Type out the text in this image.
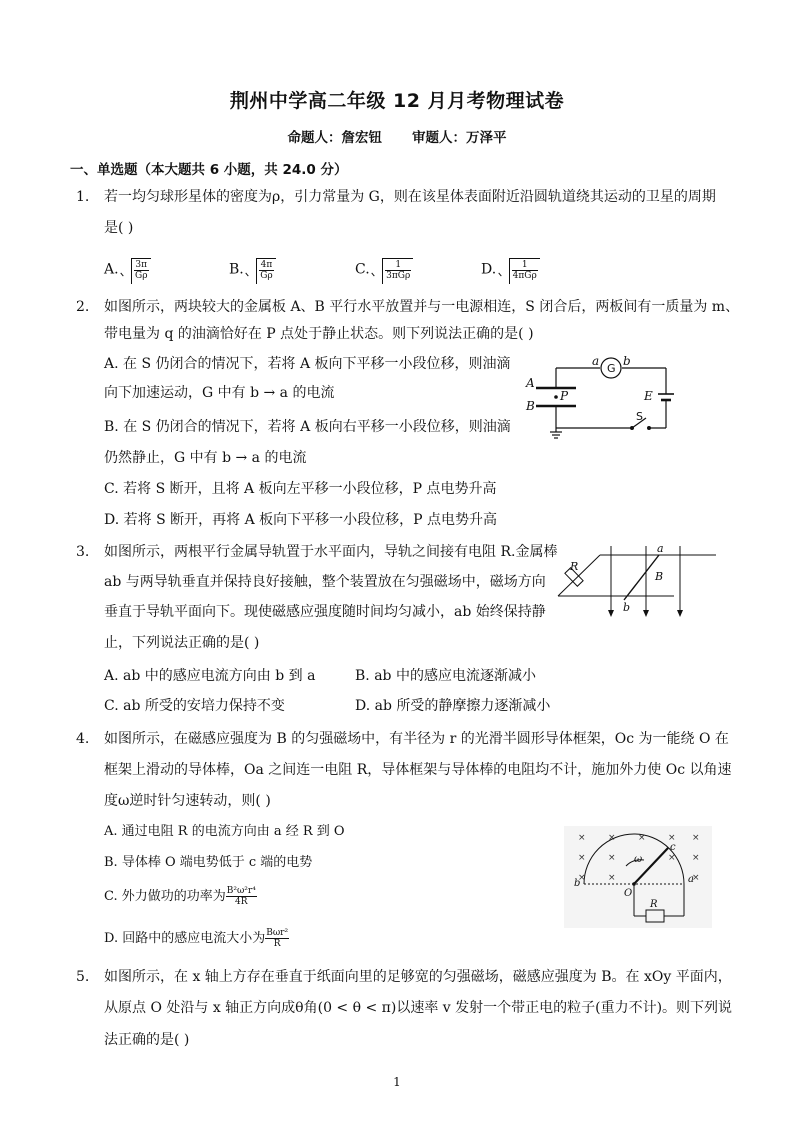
荆州中学高二年级 12 月月考物理试卷
命题人：詹宏钮 审题人：万泽平
一、单选题（本大题共 6 小题，共 24.0 分）
1. 若一均匀球形星体的密度为ρ，引力常量为 G，则在该星体表面附近沿圆轨道绕其运动的卫星的周期
是( )
A. $\frac{3\pi}{G\rho}$	B. $\frac{4\pi}{G\rho}$	C. $\frac{1}{\text{3πGρ}}$	D. $\frac{1}{\text{4πGρ}}$
2. 如图所示，两块较大的金属板 A、B 平行水平放置并与一电源相连，S 闭合后，两板间有一质量为 m、
带电量为 q 的油滴恰好在 P 点处于静止状态。则下列说法正确的是( )
A. 在 S 仍闭合的情况下，若将 A 板向下平移一小段位移，则油滴
向下加速运动，G 中有 b → a 的电流
B. 在 S 仍闭合的情况下，若将 A 板向右平移一小段位移，则油滴
仍然静止，G 中有 b → a 的电流
C. 若将 S 断开，且将 A 板向左平移一小段位移，P 点电势升高
D. 若将 S 断开，再将 A 板向下平移一小段位移，P 点电势升高
a b
A
B
P	E
G
S
3. 如图所示，两根平行金属导轨置于水平面内，导轨之间接有电阻 R.金属棒
ab 与两导轨垂直并保持良好接触，整个装置放在匀强磁场中，磁场方向
垂直于导轨平面向下。现使磁感应强度随时间均匀减小，ab 始终保持静
止，下列说法正确的是( )
A. ab 中的感应电流方向由 b 到 a	B. ab 中的感应电流逐渐减小
C. ab 所受的安培力保持不变	D. ab 所受的静摩擦力逐渐减小
R
a
b
B
4. 如图所示，在磁感应强度为 B 的匀强磁场中，有半径为 r 的光滑半圆形导体框架，Oc 为一能绕 O 在
框架上滑动的导体棒，Oa 之间连一电阻 R，导体框架与导体棒的电阻均不计，施加外力使 Oc 以角速
度ω逆时针匀速转动，则( )
A. 通过电阻 R 的电流方向由 a 经 R 到 O
B. 导体棒 O 端电势低于 c 端的电势
C. 外力做功的功率为 $\frac{\text{B²ω²r⁴}}{4R}$
D. 回路中的感应电流大小为 $\frac{\text{Bωr²}}{R}$
× × × × ×
× ×	× ×
× ×	×
b	a
c
O
R
ω
5. 如图所示，在 x 轴上方存在垂直于纸面向里的足够宽的匀强磁场，磁感应强度为 B。在 xOy 平面内，
从原点 O 处沿与 x 轴正方向成θ角(0 < θ < π)以速率 v 发射一个带正电的粒子(重力不计)。则下列说
法正确的是( )
1
